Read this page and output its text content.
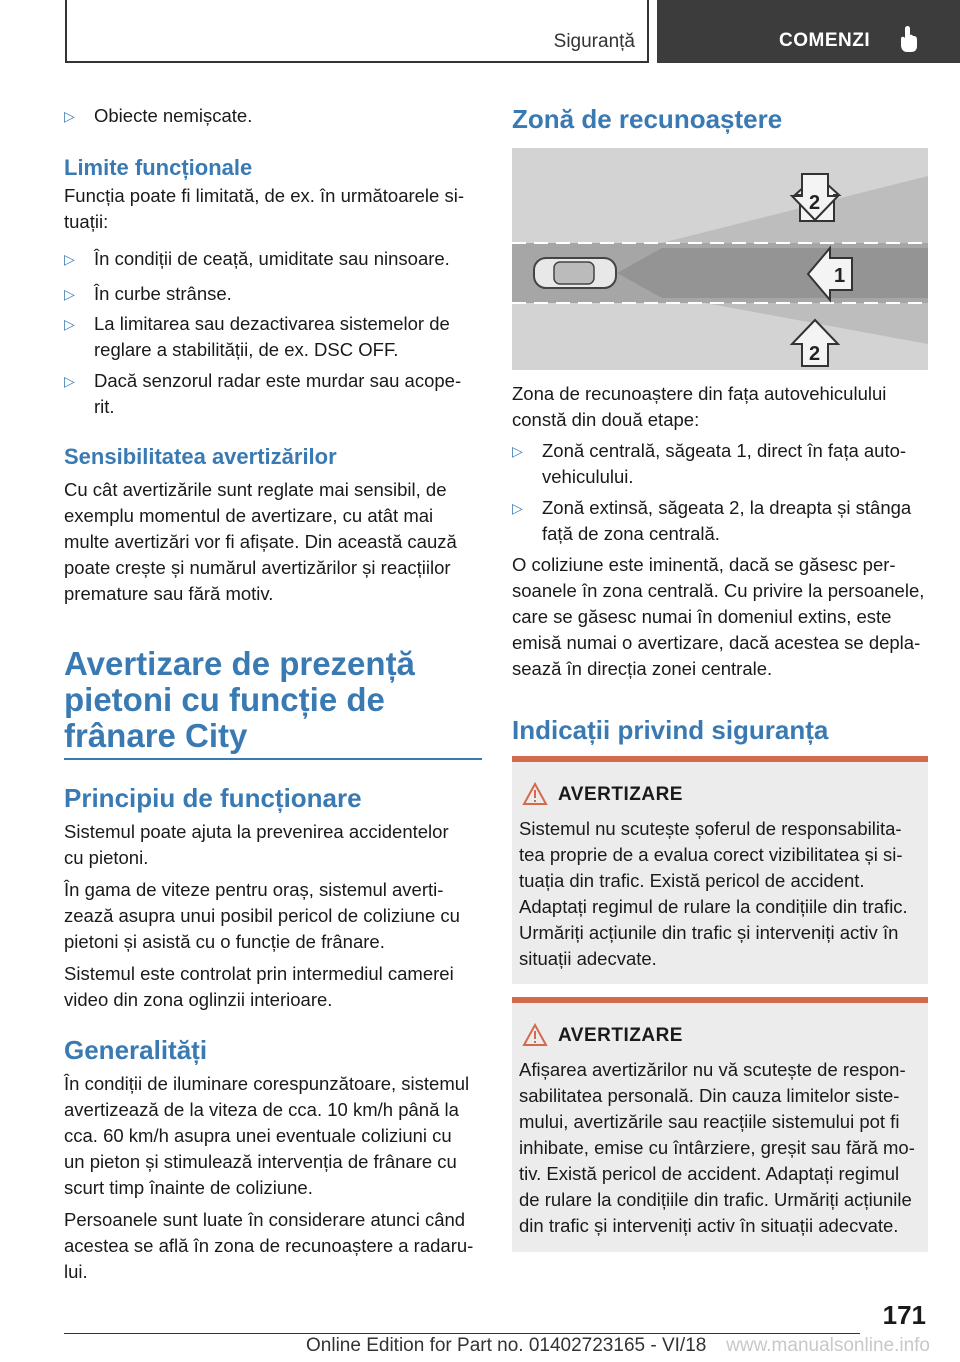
Siguranță	COMENZI
▷ Obiecte nemișcate.

Limite funcționale

Funcția poate fi limitată, de ex. în următoarele si-

tuații:

▷ În condiții de ceață, umiditate sau ninsoare.
▷ În curbe strânse.
▷ La limitarea sau dezactivarea sistemelor de

reglare a stabilității, de ex. DSC OFF.

▷ Dacă senzorul radar este murdar sau acope-

rit.

Sensibilitatea avertizărilor

Cu cât avertizările sunt reglate mai sensibil, de

exemplu momentul de avertizare, cu atât mai

multe avertizări vor fi afișate. Din această cauză

poate crește și numărul avertizărilor și reacțiilor

premature sau fără motiv.

Avertizare de prezență

pietoni cu funcție de

frânare City

Principiu de funcționare

Sistemul poate ajuta la prevenirea accidentelor

cu pietoni.

În gama de viteze pentru oraș, sistemul averti-

zează asupra unui posibil pericol de coliziune cu

pietoni și asistă cu o funcție de frânare.

Sistemul este controlat prin intermediul camerei

video din zona oglinzii interioare.

Generalități

În condiții de iluminare corespunzătoare, sistemul

avertizează de la viteza de cca. 10 km/h până la

cca. 60 km/h asupra unei eventuale coliziuni cu

un pieton și stimulează intervenția de frânare cu

scurt timp înainte de coliziune.

Persoanele sunt luate în considerare atunci când

acestea se află în zona de recunoaștere a radaru-

lui.

Zonă de recunoaștere

2
1
2

Zona de recunoaștere din fața autovehiculului

constă din două etape:

▷ Zonă centrală, săgeata 1, direct în fața auto-

vehiculului.

▷ Zonă extinsă, săgeata 2, la dreapta și stânga

față de zona centrală.

O coliziune este iminentă, dacă se găsesc per-

soanele în zona centrală. Cu privire la persoanele,

care se găsesc numai în domeniul extins, este

emisă numai o avertizare, dacă acestea se depla-

sează în direcția zonei centrale.

Indicații privind siguranța

AVERTIZARE
Sistemul nu scutește șoferul de responsabilita-
tea proprie de a evalua corect vizibilitatea și si-
tuația din trafic. Există pericol de accident.
Adaptați regimul de rulare la condițiile din trafic.
Urmăriți acțiunile din trafic și interveniți activ în
situații adecvate.
AVERTIZARE
Afișarea avertizărilor nu vă scutește de respon-
sabilitatea personală. Din cauza limitelor siste-
mului, avertizările sau reacțiile sistemului pot fi
inhibate, emise cu întârziere, greșit sau fără mo-
tiv. Există pericol de accident. Adaptați regimul
de rulare la condițiile din trafic. Urmăriți acțiunile
din trafic și interveniți activ în situații adecvate.
171
Online Edition for Part no. 01402723165 - VI/18 www.manualsonline.info
